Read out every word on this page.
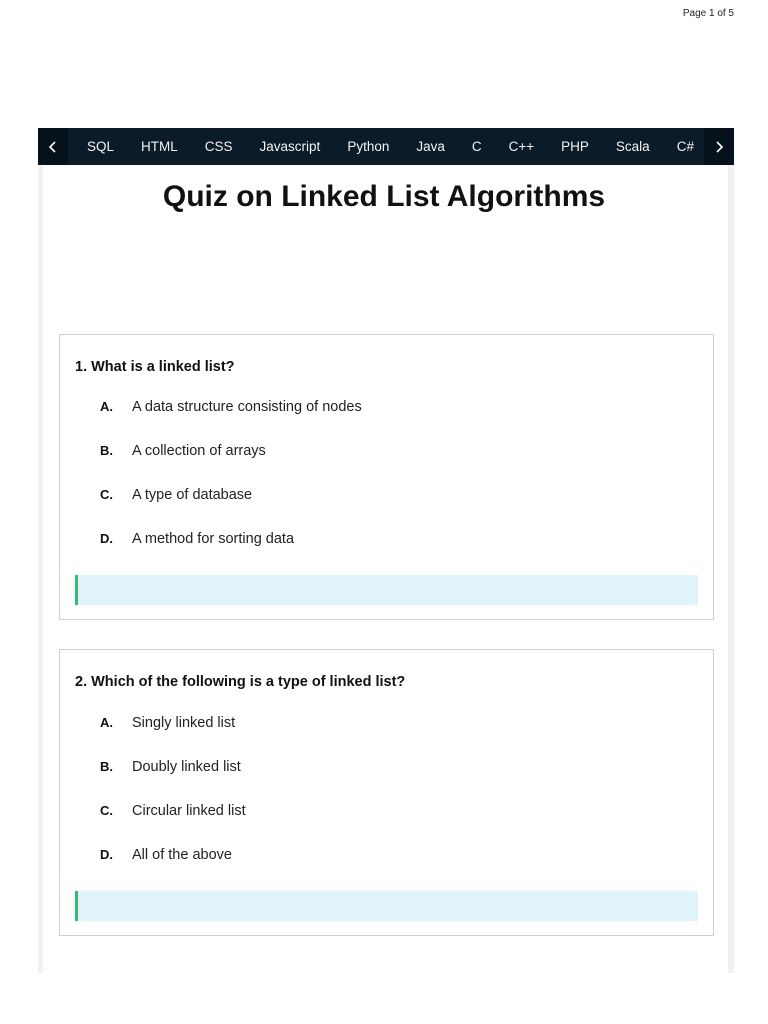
Page 1 of 5
SQL HTML CSS Javascript Python Java C C++ PHP Scala C#
Quiz on Linked List Algorithms
1. What is a linked list?
A.	A data structure consisting of nodes
B.	A collection of arrays
C.	A type of database
D.	A method for sorting data
2. Which of the following is a type of linked list?
A.	Singly linked list
B.	Doubly linked list
C.	Circular linked list
D.	All of the above
